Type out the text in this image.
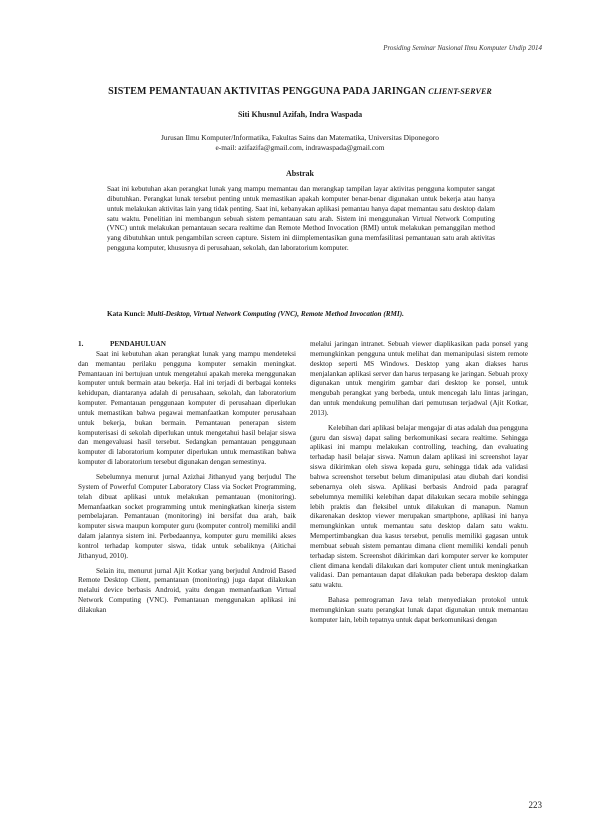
Prosiding Seminar Nasional Ilmu Komputer Undip 2014
SISTEM PEMANTAUAN AKTIVITAS PENGGUNA PADA JARINGAN CLIENT-SERVER
Siti Khusnul Azifah, Indra Waspada
Jurusan Ilmu Komputer/Informatika, Fakultas Sains dan Matematika, Universitas Diponegoro
e-mail: azifazifa@gmail.com, indrawaspada@gmail.com
Abstrak
Saat ini kebutuhan akan perangkat lunak yang mampu memantau dan merangkap tampilan layar aktivitas pengguna komputer sangat dibutuhkan. Perangkat lunak tersebut penting untuk memastikan apakah komputer benar-benar digunakan untuk bekerja atau hanya untuk melakukan aktivitas lain yang tidak penting. Saat ini, kebanyakan aplikasi pemantau hanya dapat memantau satu desktop dalam satu waktu. Penelitian ini membangun sebuah sistem pemantauan satu arah. Sistem ini menggunakan Virtual Network Computing (VNC) untuk melakukan pemantauan secara realtime dan Remote Method Invocation (RMI) untuk melakukan pemanggilan method yang dibutuhkan untuk pengambilan screen capture. Sistem ini diimplementasikan guna memfasilitasi pemantauan satu arah aktivitas pengguna komputer, khususnya di perusahaan, sekolah, dan laboratorium komputer.
Kata Kunci: Multi-Desktop, Virtual Network Computing (VNC), Remote Method Invocation (RMI).
1.	PENDAHULUAN

Saat ini kebutuhan akan perangkat lunak yang mampu mendeteksi dan memantau perilaku pengguna komputer semakin meningkat. Pemantauan ini bertujuan untuk mengetahui apakah mereka menggunakan komputer untuk bermain atau bekerja. Hal ini terjadi di berbagai konteks kehidupan, diantaranya adalah di perusahaan, sekolah, dan laboratorium komputer. Pemantauan penggunaan komputer di perusahaan diperlukan untuk memastikan bahwa pegawai memanfaatkan komputer perusahaan untuk bekerja, bukan bermain. Pemantauan penerapan sistem komputerisasi di sekolah diperlukan untuk mengetahui hasil belajar siswa dan mengevaluasi hasil tersebut. Sedangkan pemantauan penggunaan komputer di laboratorium komputer diperlukan untuk memastikan bahwa komputer di laboratorium tersebut digunakan dengan semestinya.

Sebelumnya menurut jurnal Azizhai Jithanyud yang berjudul The System of Powerful Computer Laboratory Class via Socket Programming, telah dibuat aplikasi untuk melakukan pemantauan (monitoring). Memanfaatkan socket programming untuk meningkatkan kinerja sistem pembelajaran. Pemantauan (monitoring) ini bersifat dua arah, baik komputer siswa maupun komputer guru (komputer control) memiliki andil dalam jalannya sistem ini. Perbedaannya, komputer guru memiliki akses kontrol terhadap komputer siswa, tidak untuk sebaliknya (Aitichai Jithanyud, 2010).

Selain itu, menurut jurnal Ajit Kotkar yang berjudul Android Based Remote Desktop Client, pemantauan (monitoring) juga dapat dilakukan melalui device berbasis Android, yaitu dengan memanfaatkan Virtual Network Computing (VNC). Pemantauan menggunakan aplikasi ini dilakukan

melalui jaringan intranet. Sebuah viewer diaplikasikan pada ponsel yang memungkinkan pengguna untuk melihat dan memanipulasi sistem remote desktop seperti MS Windows. Desktop yang akan diakses harus menjalankan aplikasi server dan harus terpasang ke jaringan. Sebuah proxy digunakan untuk mengirim gambar dari desktop ke ponsel, untuk mengubah perangkat yang berbeda, untuk mencegah lalu lintas jaringan, dan untuk mendukung pemulihan dari pemutusan terjadwal (Ajit Kotkar, 2013).

Kelebihan dari aplikasi belajar mengajar di atas adalah dua pengguna (guru dan siswa) dapat saling berkomunikasi secara realtime. Sehingga aplikasi ini mampu melakukan controlling, teaching, dan evaluating terhadap hasil belajar siswa. Namun dalam aplikasi ini screenshot layar siswa dikirimkan oleh siswa kepada guru, sehingga tidak ada validasi bahwa screenshot tersebut belum dimanipulasi atau diubah dari kondisi sebenarnya oleh siswa. Aplikasi berbasis Android pada paragraf sebelumnya memiliki kelebihan dapat dilakukan secara mobile sehingga lebih praktis dan fleksibel untuk dilakukan di manapun. Namun dikarenakan desktop viewer merupakan smartphone, aplikasi ini hanya memungkinkan untuk memantau satu desktop dalam satu waktu. Mempertimbangkan dua kasus tersebut, penulis memiliki gagasan untuk membuat sebuah sistem pemantau dimana client memiliki kendali penuh terhadap sistem. Screenshot dikirimkan dari komputer server ke komputer client dimana kendali dilakukan dari komputer client untuk meningkatkan validasi. Dan pemantauan dapat dilakukan pada beberapa desktop dalam satu waktu.

Bahasa pemrograman Java telah menyediakan protokol untuk memungkinkan suatu perangkat lunak dapat digunakan untuk memantau komputer lain, lebih tepatnya untuk dapat berkomunikasi dengan

223
